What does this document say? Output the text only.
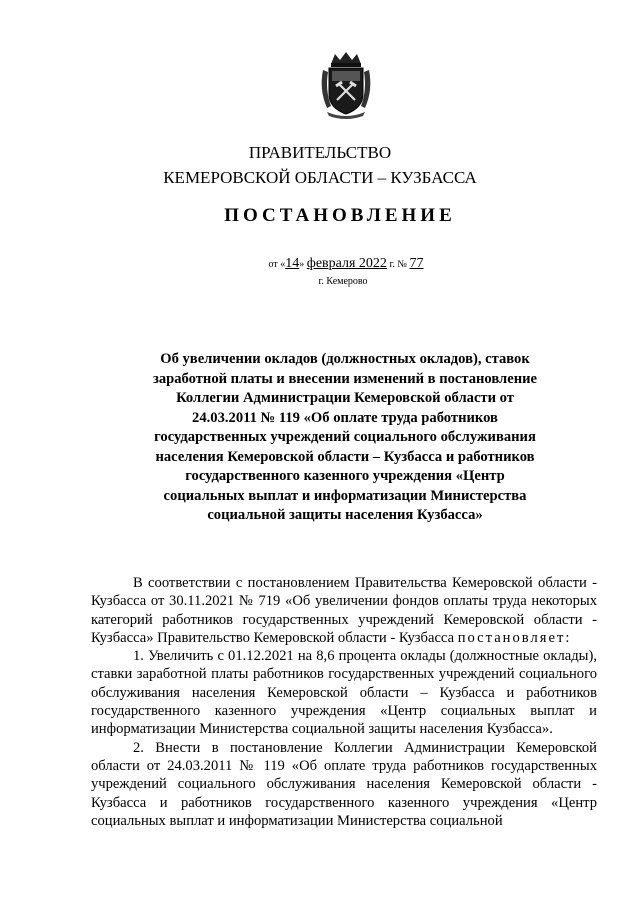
ПРАВИТЕЛЬСТВО
КЕМЕРОВСКОЙ ОБЛАСТИ – КУЗБАССА
ПОСТАНОВЛЕНИЕ
от «14» февраля 2022 г. № 77
г. Кемерово
Об увеличении окладов (должностных окладов), ставок заработной платы и внесении изменений в постановление Коллегии Администрации Кемеровской области от 24.03.2011 № 119 «Об оплате труда работников государственных учреждений социального обслуживания населения Кемеровской области – Кузбасса и работников государственного казенного учреждения «Центр социальных выплат и информатизации Министерства социальной защиты населения Кузбасса»

В соответствии с постановлением Правительства Кемеровской области - Кузбасса от 30.11.2021 № 719 «Об увеличении фондов оплаты труда некоторых категорий работников государственных учреждений Кемеровской области - Кузбасса» Правительство Кемеровской области - Кузбасса постановляет:

1. Увеличить с 01.12.2021 на 8,6 процента оклады (должностные оклады), ставки заработной платы работников государственных учреждений социального обслуживания населения Кемеровской области – Кузбасса и работников государственного казенного учреждения «Центр социальных выплат и информатизации Министерства социальной защиты населения Кузбасса».

2. Внести в постановление Коллегии Администрации Кемеровской области от 24.03.2011 № 119 «Об оплате труда работников государственных учреждений социального обслуживания населения Кемеровской области - Кузбасса и работников государственного казенного учреждения «Центр социальных выплат и информатизации Министерства социальной
